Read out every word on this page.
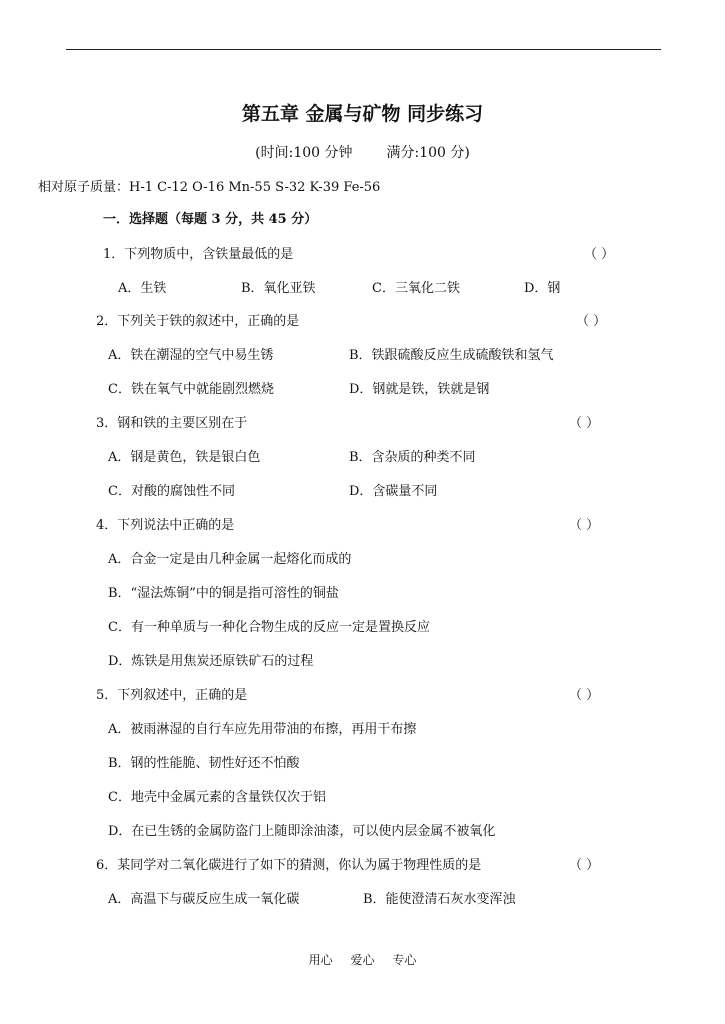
第五章 金属与矿物 同步练习
(时间:100 分钟 满分:100 分)
相对原子质量：H-1 C-12 O-16 Mn-55 S-32 K-39 Fe-56
一．选择题（每题 3 分，共 45 分）
1．下列物质中，含铁量最低的是	（ ）
A．生铁	B．氧化亚铁	C．三氧化二铁	D．钢
2．下列关于铁的叙述中，正确的是	（ ）
A．铁在潮湿的空气中易生锈	B．铁跟硫酸反应生成硫酸铁和氢气
C．铁在氧气中就能剧烈燃烧	D．钢就是铁，铁就是钢
3．钢和铁的主要区别在于	（ ）
A．钢是黄色，铁是银白色	B．含杂质的种类不同
C．对酸的腐蚀性不同	D．含碳量不同
4．下列说法中正确的是	（ ）
A．合金一定是由几种金属一起熔化而成的
B．“湿法炼铜”中的铜是指可溶性的铜盐
C．有一种单质与一种化合物生成的反应一定是置换反应
D．炼铁是用焦炭还原铁矿石的过程
5．下列叙述中，正确的是	（ ）
A．被雨淋湿的自行车应先用带油的布擦，再用干布擦
B．钢的性能脆、韧性好还不怕酸
C．地壳中金属元素的含量铁仅次于铝
D．在已生锈的金属防盗门上随即涂油漆，可以使内层金属不被氧化
6．某同学对二氧化碳进行了如下的猜测，你认为属于物理性质的是	（ ）
A．高温下与碳反应生成一氧化碳	B．能使澄清石灰水变浑浊
用心 爱心 专心
